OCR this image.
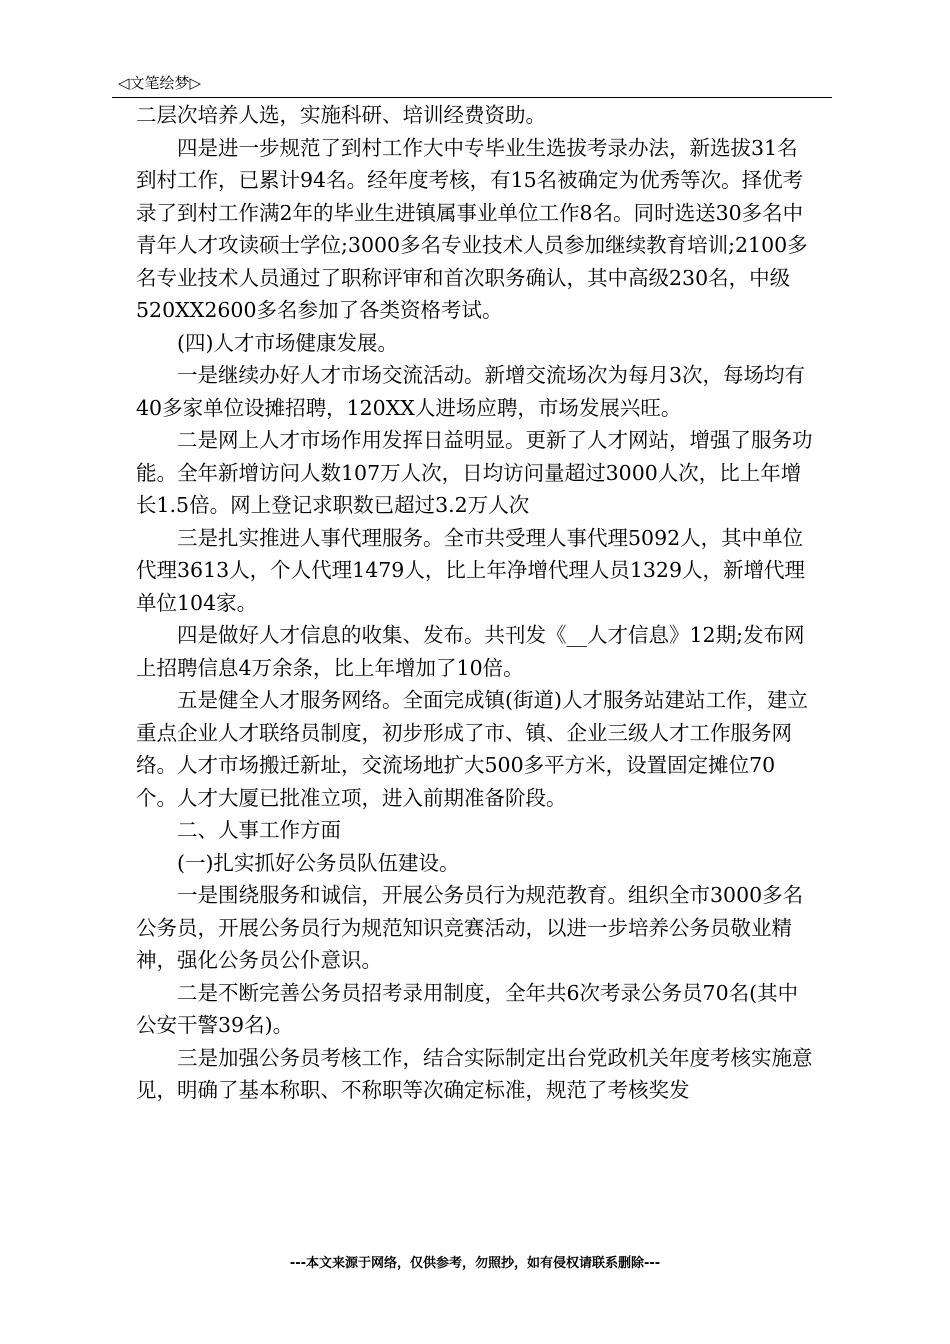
◁文笔绘梦▷

二层次培养人选，实施科研、培训经费资助。

四是进一步规范了到村工作大中专毕业生选拔考录办法，新选拔31名到村工作，已累计94名。经年度考核，有15名被确定为优秀等次。择优考录了到村工作满2年的毕业生进镇属事业单位工作8名。同时选送30多名中青年人才攻读硕士学位;3000多名专业技术人员参加继续教育培训;2100多名专业技术人员通过了职称评审和首次职务确认，其中高级230名，中级520XX2600多名参加了各类资格考试。

(四)人才市场健康发展。

一是继续办好人才市场交流活动。新增交流场次为每月3次，每场均有40多家单位设摊招聘，120XX人进场应聘，市场发展兴旺。

二是网上人才市场作用发挥日益明显。更新了人才网站，增强了服务功能。全年新增访问人数107万人次，日均访问量超过3000人次，比上年增长1.5倍。网上登记求职数已超过3.2万人次

三是扎实推进人事代理服务。全市共受理人事代理5092人，其中单位代理3613人，个人代理1479人，比上年净增代理人员1329人，新增代理单位104家。

四是做好人才信息的收集、发布。共刊发《__人才信息》12期;发布网上招聘信息4万余条，比上年增加了10倍。

五是健全人才服务网络。全面完成镇(街道)人才服务站建站工作，建立重点企业人才联络员制度，初步形成了市、镇、企业三级人才工作服务网络。人才市场搬迁新址，交流场地扩大500多平方米，设置固定摊位70个。人才大厦已批准立项，进入前期准备阶段。

二、人事工作方面

(一)扎实抓好公务员队伍建设。

一是围绕服务和诚信，开展公务员行为规范教育。组织全市3000多名公务员，开展公务员行为规范知识竞赛活动，以进一步培养公务员敬业精神，强化公务员公仆意识。

二是不断完善公务员招考录用制度，全年共6次考录公务员70名(其中公安干警39名)。

三是加强公务员考核工作，结合实际制定出台党政机关年度考核实施意见，明确了基本称职、不称职等次确定标准，规范了考核奖发

---本文来源于网络，仅供参考，勿照抄，如有侵权请联系删除---
